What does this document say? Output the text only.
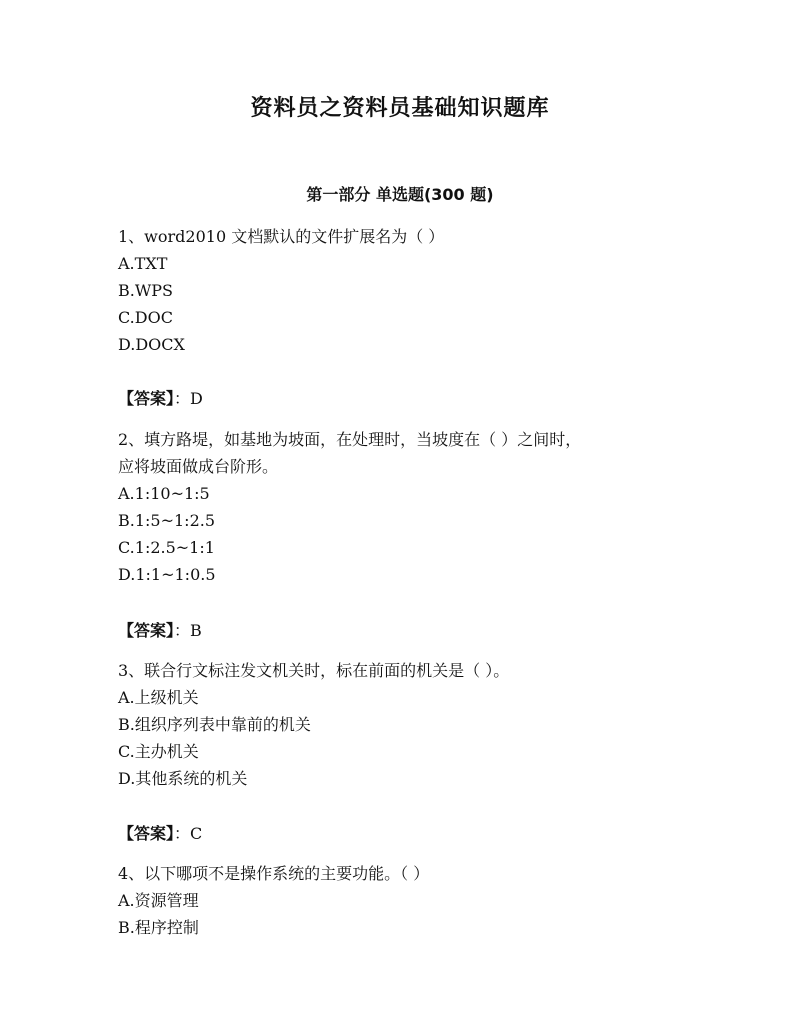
资料员之资料员基础知识题库
第一部分 单选题(300 题)
1、word2010 文档默认的文件扩展名为（ ）
A.TXT
B.WPS
C.DOC
D.DOCX
【答案】：D
2、填方路堤，如基地为坡面，在处理时，当坡度在（ ）之间时，
应将坡面做成台阶形。
A.1:10~1:5
B.1:5~1:2.5
C.1:2.5~1:1
D.1:1~1:0.5
【答案】：B
3、联合行文标注发文机关时，标在前面的机关是（ ）。
A.上级机关
B.组织序列表中靠前的机关
C.主办机关
D.其他系统的机关
【答案】：C
4、以下哪项不是操作系统的主要功能。（ ）
A.资源管理
B.程序控制
